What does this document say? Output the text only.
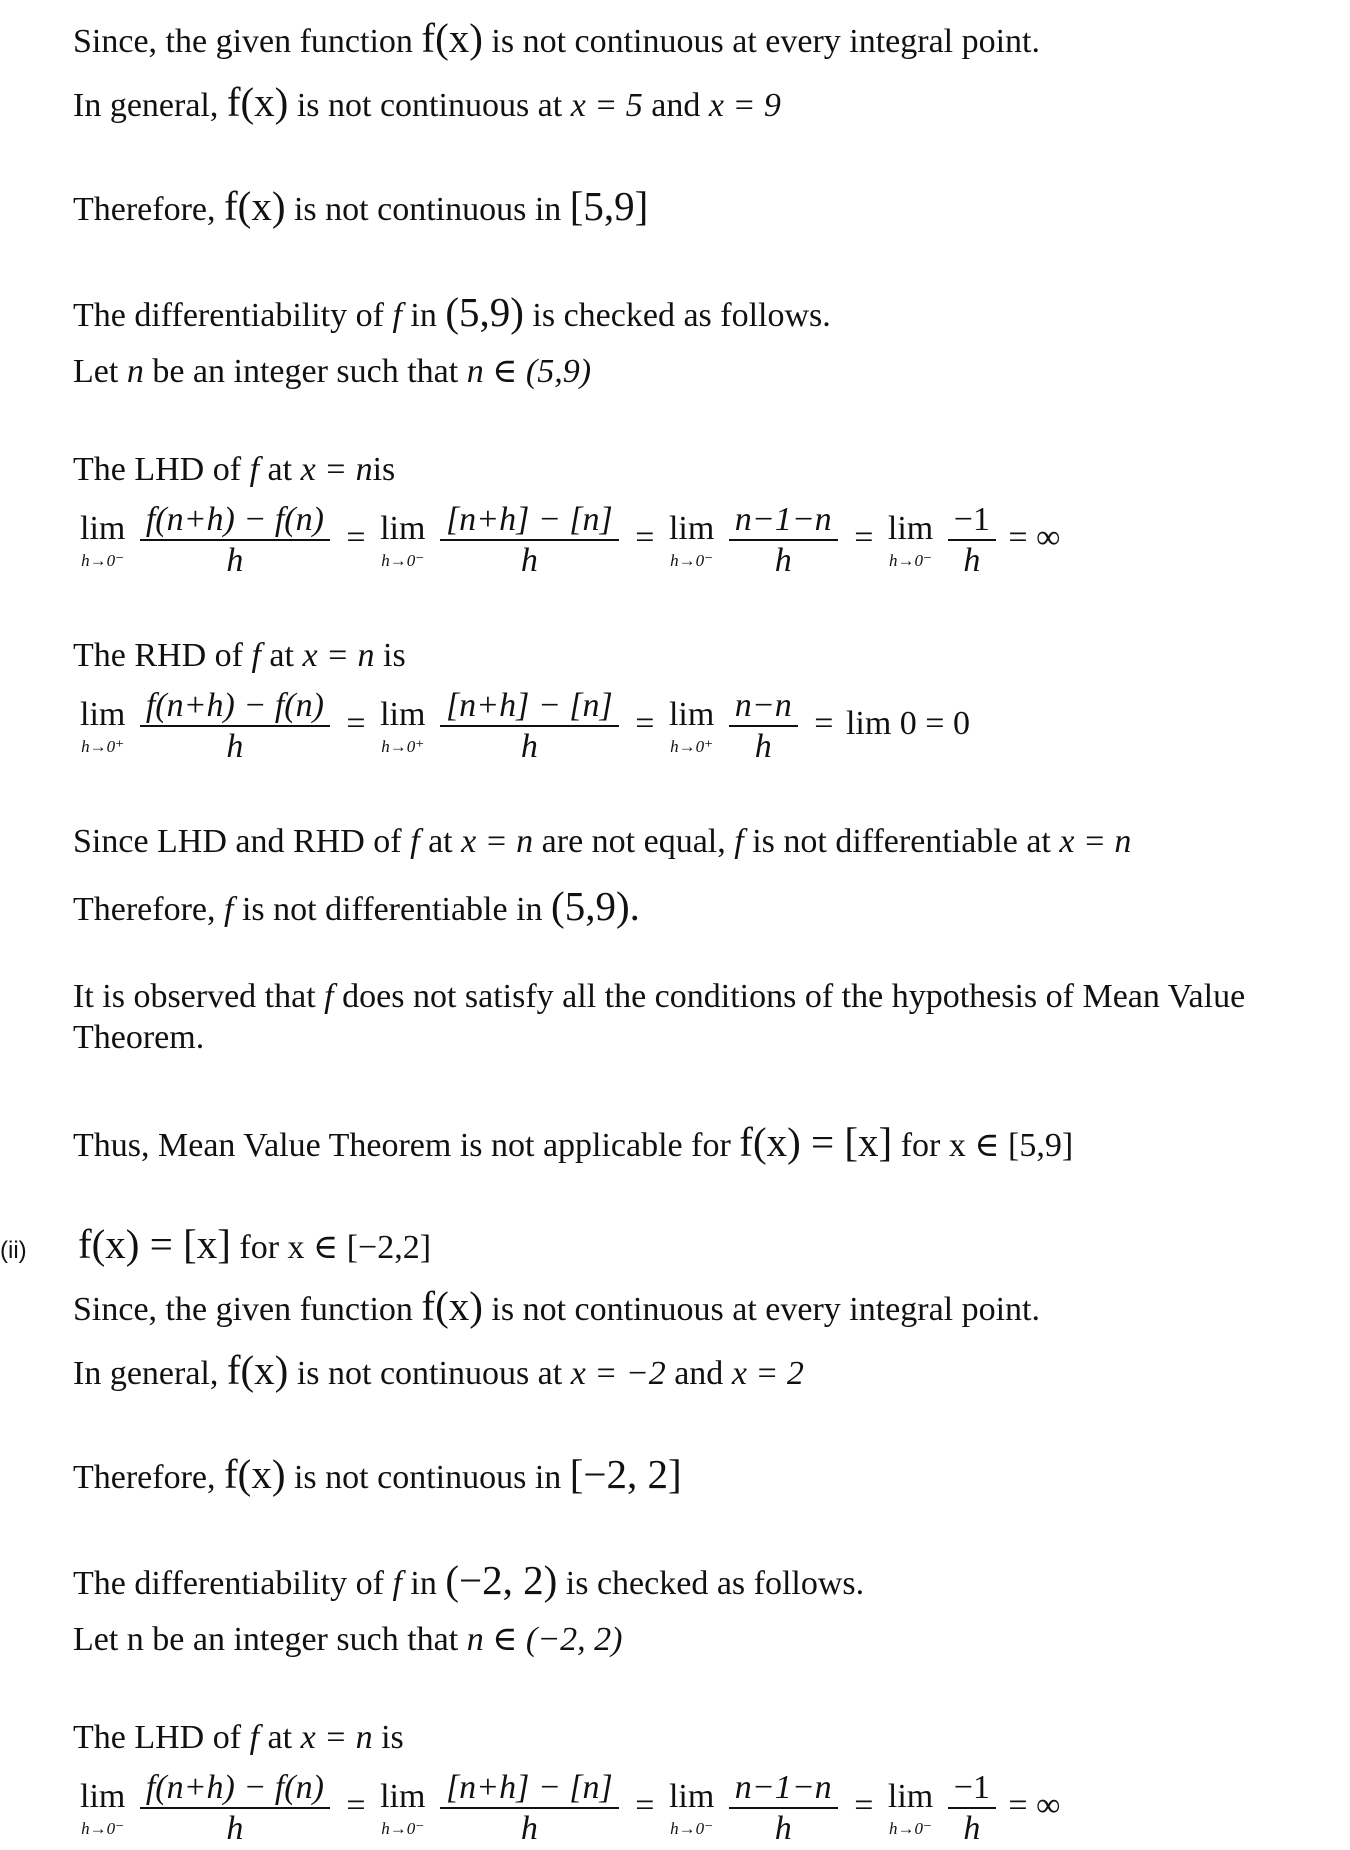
Since, the given function f(x) is not continuous at every integral point.
In general, f(x) is not continuous at x = 5 and x = 9
Therefore, f(x) is not continuous in [5,9]
The differentiability of f in (5,9) is checked as follows.
Let n be an integer such that n ∈ (5,9)
The LHD of f at x = nis
lim
h→0⁻
$\frac{f(n+h) - f(n)}{h} = \lim$
h→0⁻
$\frac{[n+h] - [n]}{h} = \lim$
h→0⁻
$\frac{n-1-n}{h} = \lim$
h→0⁻
$\frac{-1}{h}$ = ∞
The RHD of f at x = n is
lim
h→0⁺
$\frac{f(n+h) - f(n)}{h} = \lim$
h→0⁺
$\frac{[n+h] - [n]}{h} = \lim$
h→0⁺
$\frac{n-n}{h} = \lim 0 = 0$
Since LHD and RHD of f at x = n are not equal, f is not differentiable at x = n
Therefore, f is not differentiable in (5,9).
It is observed that f does not satisfy all the conditions of the hypothesis of Mean Value
Theorem.
Thus, Mean Value Theorem is not applicable for f(x) = [x] for x ∈ [5,9]
(ii) f(x) = [x] for x ∈ [−2,2]
Since, the given function f(x) is not continuous at every integral point.
In general, f(x) is not continuous at x = −2 and x = 2
Therefore, f(x) is not continuous in [−2, 2]
The differentiability of f in (−2, 2) is checked as follows.
Let n be an integer such that n ∈ (−2, 2)
The LHD of f at x = n is
lim
h→0⁻
$\frac{f(n+h) - f(n)}{h} = \lim$
h→0⁻
$\frac{[n+h] - [n]}{h} = \lim$
h→0⁻
$\frac{n-1-n}{h} = \lim$
h→0⁻
$\frac{-1}{h}$ = ∞
